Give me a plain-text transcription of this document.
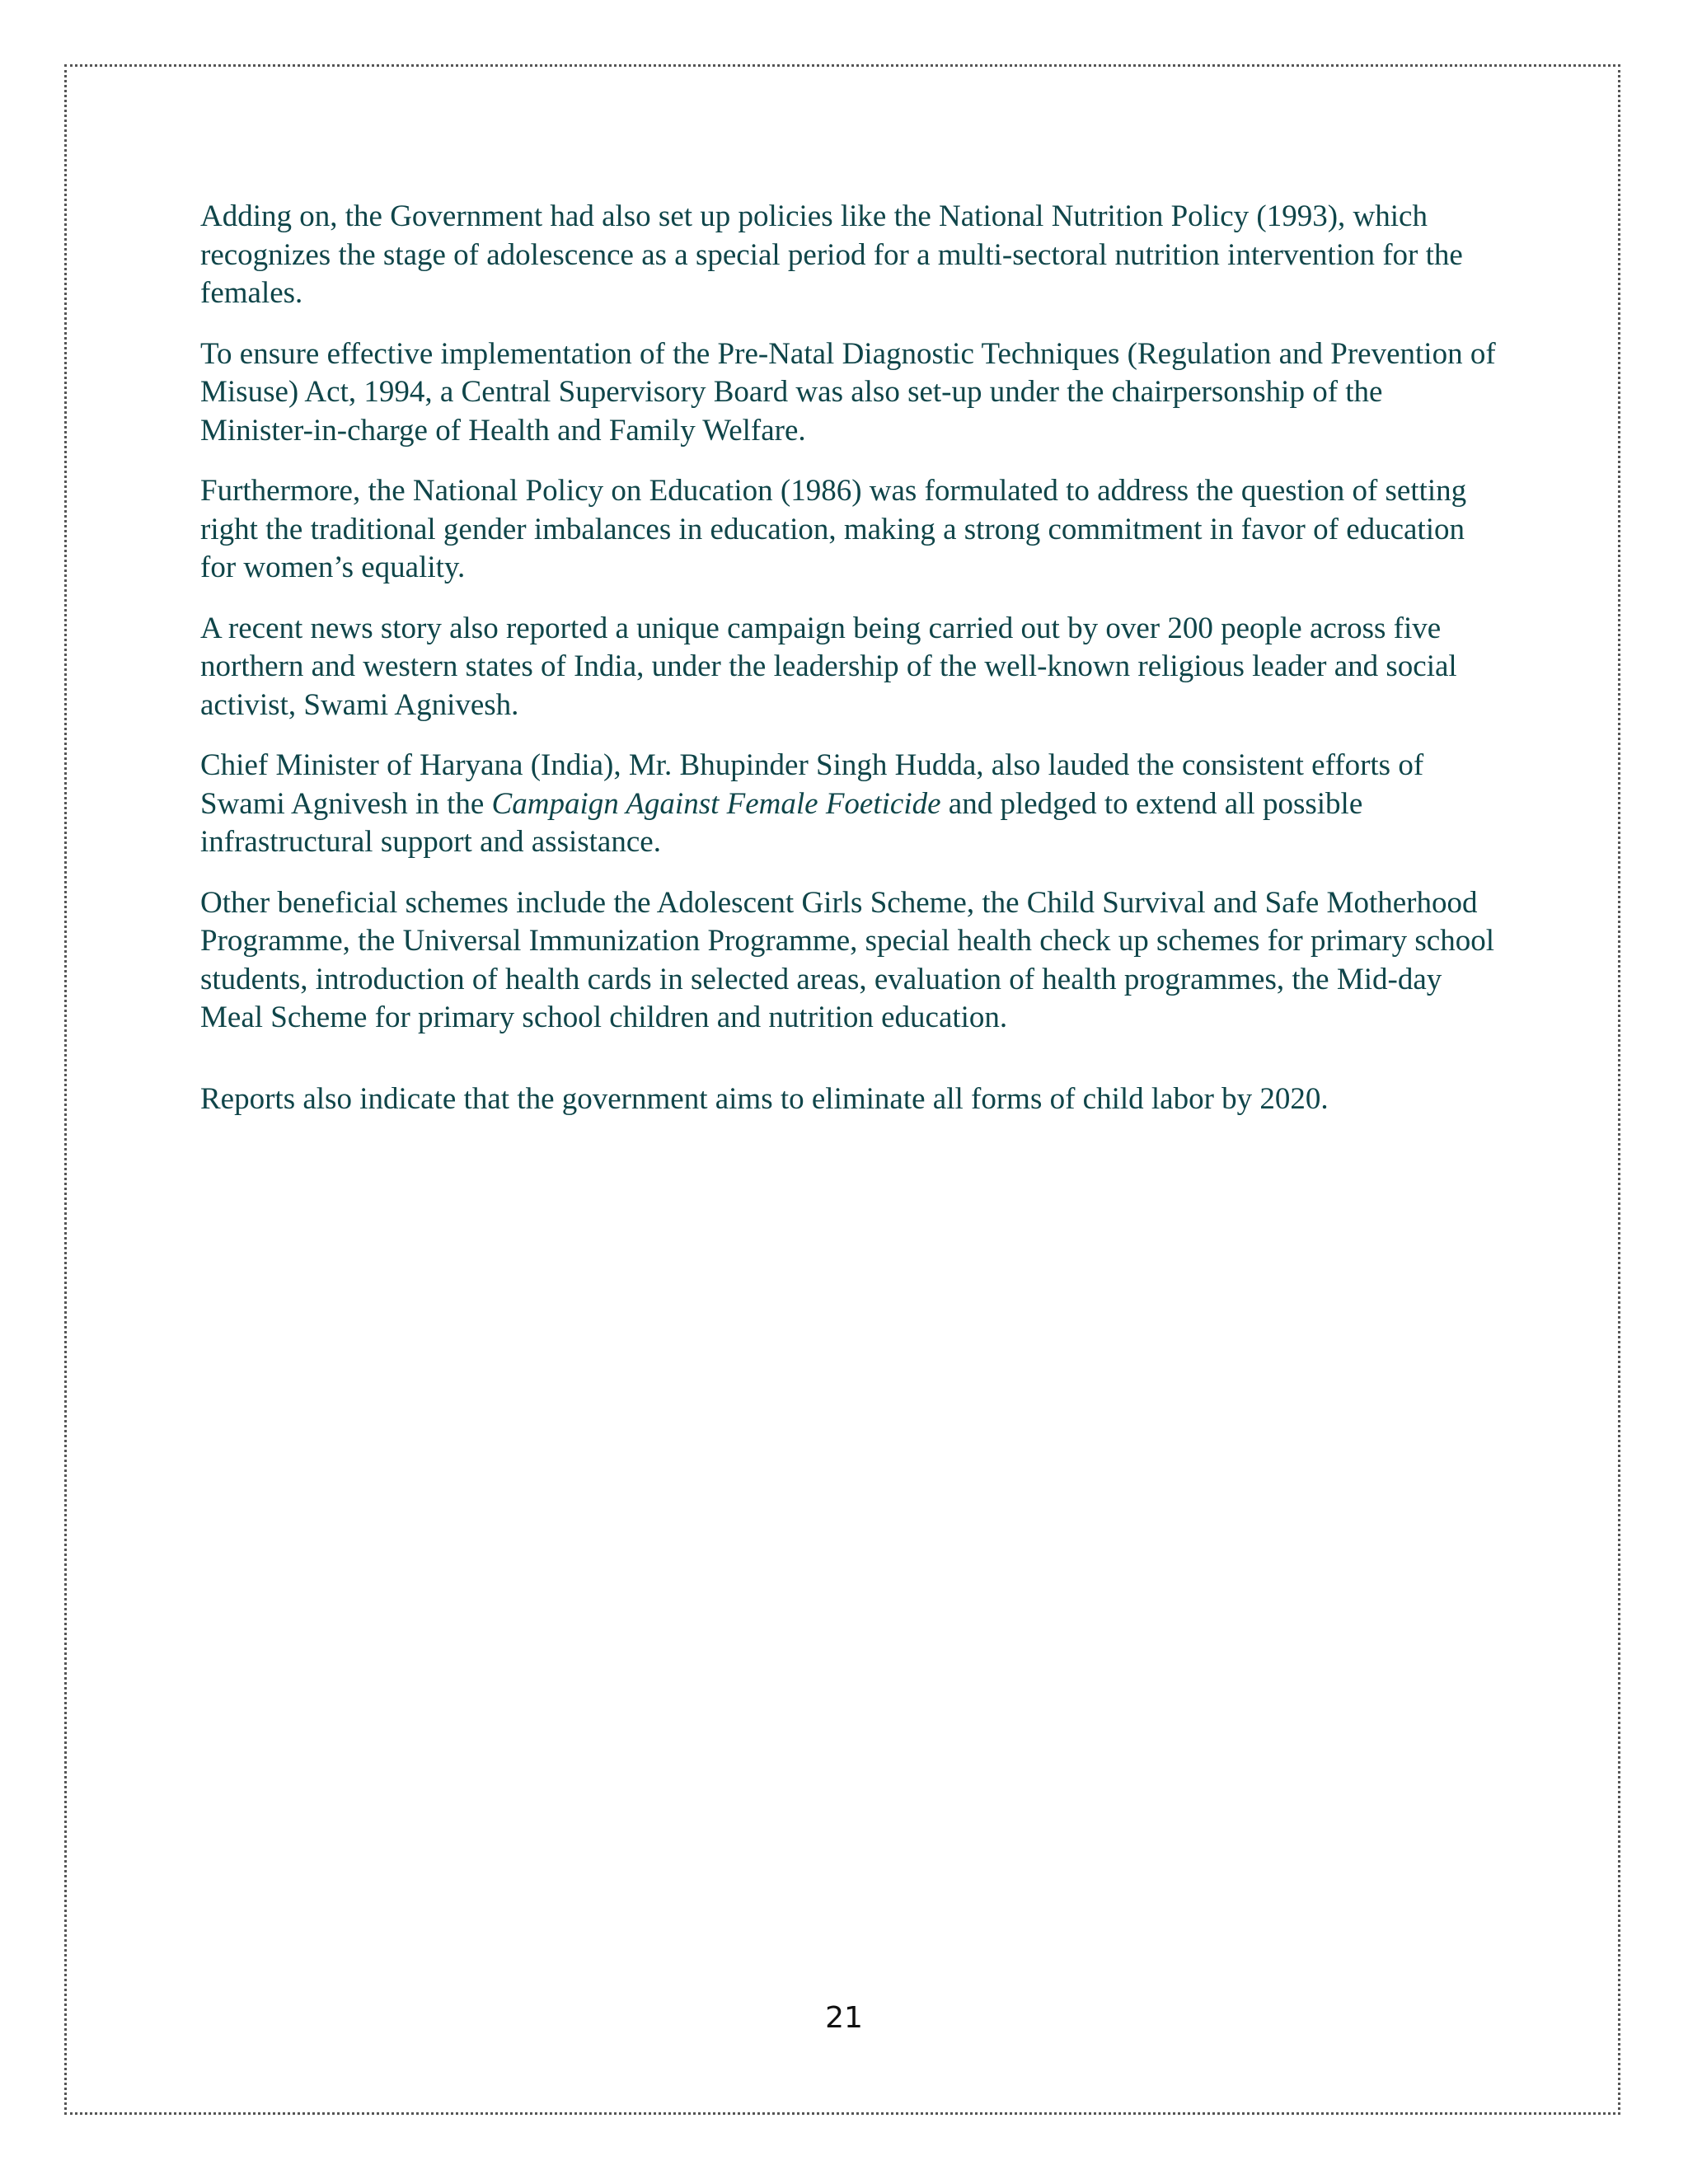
Adding on, the Government had also set up policies like the National Nutrition Policy (1993), which recognizes the stage of adolescence as a special period for a multi-sectoral nutrition intervention for the females.

To ensure effective implementation of the Pre-Natal Diagnostic Techniques (Regulation and Prevention of Misuse) Act, 1994, a Central Supervisory Board was also set-up under the chairpersonship of the Minister-in-charge of Health and Family Welfare.

Furthermore, the National Policy on Education (1986) was formulated to address the question of setting right the traditional gender imbalances in education, making a strong commitment in favor of education for women’s equality.

A recent news story also reported a unique campaign being carried out by over 200 people across five northern and western states of India, under the leadership of the well-known religious leader and social activist, Swami Agnivesh.

Chief Minister of Haryana (India), Mr. Bhupinder Singh Hudda, also lauded the consistent efforts of Swami Agnivesh in the Campaign Against Female Foeticide and pledged to extend all possible infrastructural support and assistance.

Other beneficial schemes include the Adolescent Girls Scheme, the Child Survival and Safe Motherhood Programme, the Universal Immunization Programme, special health check up schemes for primary school students, introduction of health cards in selected areas, evaluation of health programmes, the Mid-day Meal Scheme for primary school children and nutrition education.

Reports also indicate that the government aims to eliminate all forms of child labor by 2020.

21
